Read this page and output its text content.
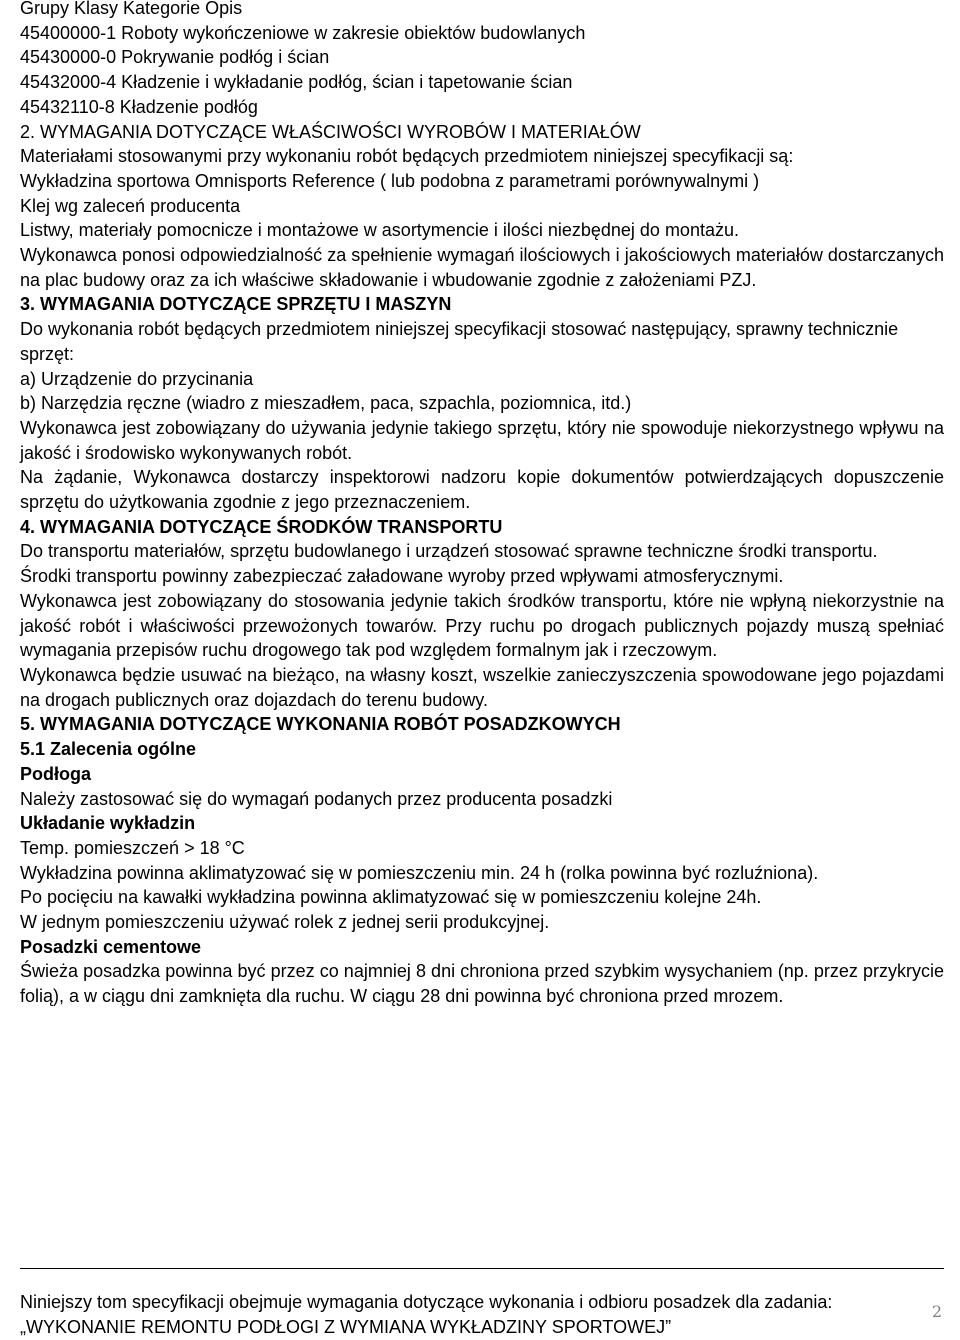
Grupy Klasy Kategorie Opis
45400000-1 Roboty wykończeniowe w zakresie obiektów budowlanych
45430000-0 Pokrywanie podłóg i ścian
45432000-4 Kładzenie i wykładanie podłóg, ścian i tapetowanie ścian
45432110-8 Kładzenie podłóg
2. WYMAGANIA DOTYCZĄCE WŁAŚCIWOŚCI WYROBÓW I MATERIAŁÓW
Materiałami stosowanymi przy wykonaniu robót będących przedmiotem niniejszej specyfikacji są:
Wykładzina sportowa Omnisports Reference ( lub podobna z parametrami porównywalnymi )
Klej wg zaleceń producenta
Listwy, materiały pomocnicze i montażowe w asortymencie i ilości niezbędnej do montażu.
Wykonawca ponosi odpowiedzialność za spełnienie wymagań ilościowych i jakościowych materiałów dostarczanych na plac budowy oraz za ich właściwe składowanie i wbudowanie zgodnie z założeniami PZJ.
3. WYMAGANIA DOTYCZĄCE SPRZĘTU I MASZYN
Do wykonania robót będących przedmiotem niniejszej specyfikacji stosować następujący, sprawny technicznie sprzęt:
a) Urządzenie do przycinania
b) Narzędzia ręczne (wiadro z mieszadłem, paca, szpachla, poziomnica, itd.)
Wykonawca jest zobowiązany do używania jedynie takiego sprzętu, który nie spowoduje niekorzystnego wpływu na jakość i środowisko wykonywanych robót.
Na żądanie, Wykonawca dostarczy inspektorowi nadzoru kopie dokumentów potwierdzających dopuszczenie sprzętu do użytkowania zgodnie z jego przeznaczeniem.
4. WYMAGANIA DOTYCZĄCE ŚRODKÓW TRANSPORTU
Do transportu materiałów, sprzętu budowlanego i urządzeń stosować sprawne techniczne środki transportu.
Środki transportu powinny zabezpieczać załadowane wyroby przed wpływami atmosferycznymi.
Wykonawca jest zobowiązany do stosowania jedynie takich środków transportu, które nie wpłyną niekorzystnie na jakość robót i właściwości przewożonych towarów. Przy ruchu po drogach publicznych pojazdy muszą spełniać wymagania przepisów ruchu drogowego tak pod względem formalnym jak i rzeczowym.
Wykonawca będzie usuwać na bieżąco, na własny koszt, wszelkie zanieczyszczenia spowodowane jego pojazdami na drogach publicznych oraz dojazdach do terenu budowy.
5. WYMAGANIA DOTYCZĄCE WYKONANIA ROBÓT POSADZKOWYCH
5.1 Zalecenia ogólne
Podłoga
Należy zastosować się do wymagań podanych przez producenta posadzki
Układanie wykładzin
Temp. pomieszczeń > 18 °C
Wykładzina powinna aklimatyzować się w pomieszczeniu min. 24 h (rolka powinna być rozluźniona).
Po pocięciu na kawałki wykładzina powinna aklimatyzować się w pomieszczeniu kolejne 24h.
W jednym pomieszczeniu używać rolek z jednej serii produkcyjnej.
Posadzki cementowe
Świeża posadzka powinna być przez co najmniej 8 dni chroniona przed szybkim wysychaniem (np. przez przykrycie folią), a w ciągu dni zamknięta dla ruchu. W ciągu 28 dni powinna być chroniona przed mrozem.
Niniejszy tom specyfikacji obejmuje wymagania dotyczące wykonania i odbioru posadzek dla zadania: „WYKONANIE REMONTU PODŁOGI Z WYMIANA WYKŁADZINY SPORTOWEJ”
2
